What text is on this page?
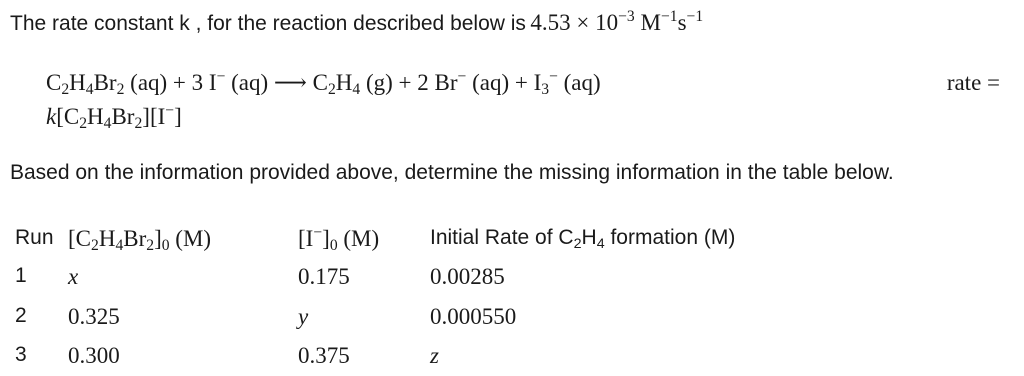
The rate constant k , for the reaction described below is $4.53 \times 10^{-3}$ $M^{-1}s^{-1}$
$C_2H_4Br_2$ (aq) + 3 I− (aq) ⟶ $C_2H_4$ (g) + 2 Br− $(aq) + I_3^-$ (aq)	rate =
$k[C_2H_4Br_2][I^-]$
Based on the information provided above, determine the missing information in the table below.
Run $[C_2H_4Br_2]_0$ (M)	$[I^-]_0$ (M) Initial Rate of $C_2H_4$ formation (M)
1 x	0.175	0.00285
2 0.325	y	0.000550
3 0.300	0.375	z
